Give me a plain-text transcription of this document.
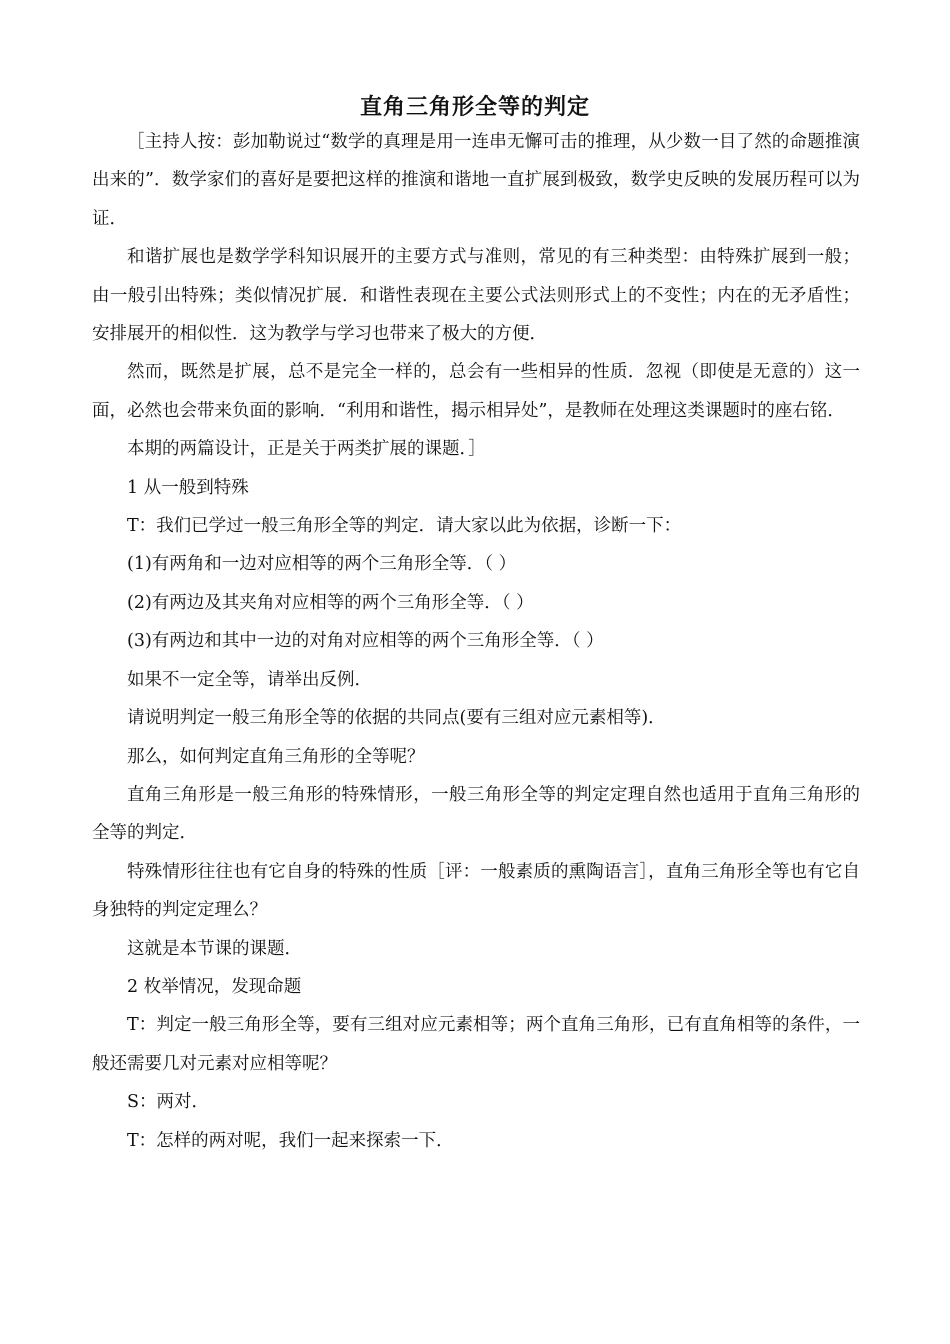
直角三角形全等的判定

［主持人按：彭加勒说过“数学的真理是用一连串无懈可击的推理，从少数一目了然的命题推演出来的”．数学家们的喜好是要把这样的推演和谐地一直扩展到极致，数学史反映的发展历程可以为证．

和谐扩展也是数学学科知识展开的主要方式与准则，常见的有三种类型：由特殊扩展到一般；由一般引出特殊；类似情况扩展．和谐性表现在主要公式法则形式上的不变性；内在的无矛盾性；安排展开的相似性．这为教学与学习也带来了极大的方便．

然而，既然是扩展，总不是完全一样的，总会有一些相异的性质．忽视（即使是无意的）这一面，必然也会带来负面的影响．“利用和谐性，揭示相异处”，是教师在处理这类课题时的座右铭．

本期的两篇设计，正是关于两类扩展的课题．］

1 从一般到特殊

T：我们已学过一般三角形全等的判定．请大家以此为依据，诊断一下：

(1)有两角和一边对应相等的两个三角形全等．（ ）

(2)有两边及其夹角对应相等的两个三角形全等．（ ）

(3)有两边和其中一边的对角对应相等的两个三角形全等．（ ）

如果不一定全等，请举出反例．

请说明判定一般三角形全等的依据的共同点(要有三组对应元素相等)．

那么，如何判定直角三角形的全等呢？

直角三角形是一般三角形的特殊情形，一般三角形全等的判定定理自然也适用于直角三角形的全等的判定．

特殊情形往往也有它自身的特殊的性质［评：一般素质的熏陶语言］，直角三角形全等也有它自身独特的判定定理么？

这就是本节课的课题．

2 枚举情况，发现命题

T：判定一般三角形全等，要有三组对应元素相等；两个直角三角形，已有直角相等的条件，一般还需要几对元素对应相等呢？

S：两对．

T：怎样的两对呢，我们一起来探索一下．
